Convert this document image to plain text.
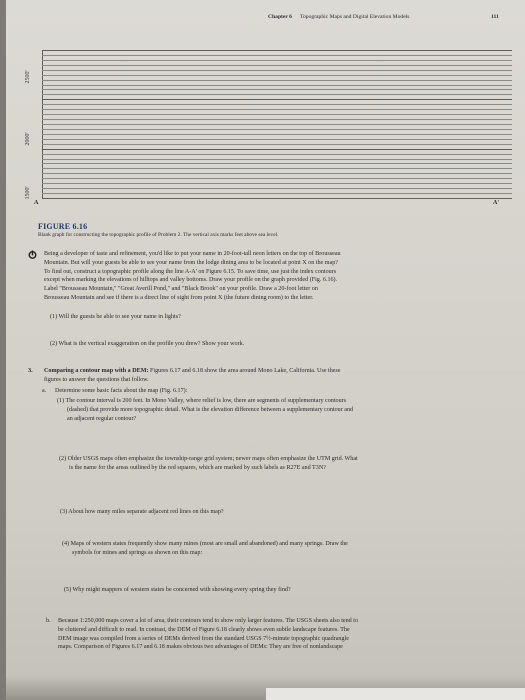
Chapter 6 Topographic Maps and Digital Elevation Models	111
2500'
2000'
1500'
A	A'
FIGURE 6.16
Blank graph for constructing the topographic profile of Problem 2. The vertical axis marks feet above sea level.
Being a developer of taste and refinement, you'd like to put your name in 20-foot-tall neon letters on the top of Brousseau
Mountain. But will your guests be able to see your name from the lodge dining area to be located at point X on the map?
To find out, construct a topographic profile along the line A-A' on Figure 6.15. To save time, use just the index contours
except when marking the elevations of hilltops and valley bottoms. Draw your profile on the graph provided (Fig. 6.16).
Label "Brousseau Mountain," "Great Averill Pond," and "Black Brook" on your profile. Draw a 20-foot letter on
Brousseau Mountain and see if there is a direct line of sight from point X (the future dining room) to the letter.
(1) Will the guests be able to see your name in lights?
(2) What is the vertical exaggeration on the profile you drew? Show your work.
3. Comparing a contour map with a DEM: Figures 6.17 and 6.18 show the area around Mono Lake, California. Use these
figures to answer the questions that follow.
a. Determine some basic facts about the map (Fig. 6.17):
(1) The contour interval is 200 feet. In Mono Valley, where relief is low, there are segments of supplementary contours
(dashed) that provide more topographic detail. What is the elevation difference between a supplementary contour and
an adjacent regular contour?
(2) Older USGS maps often emphasize the township-range grid system; newer maps often emphasize the UTM grid. What
is the name for the areas outlined by the red squares, which are marked by such labels as R27E and T3N?
(3) About how many miles separate adjacent red lines on this map?
(4) Maps of western states frequently show many mines (most are small and abandoned) and many springs. Draw the
symbols for mines and springs as shown on this map:
(5) Why might mappers of western states be concerned with showing every spring they find?
b. Because 1:250,000 maps cover a lot of area, their contours tend to show only larger features. The USGS sheets also tend to
be cluttered and difficult to read. In contrast, the DEM of Figure 6.18 clearly shows even subtle landscape features. The
DEM image was compiled from a series of DEMs derived from the standard USGS 7½-minute topographic quadrangle
maps. Comparison of Figures 6.17 and 6.18 makes obvious two advantages of DEMs: They are free of nonlandscape
